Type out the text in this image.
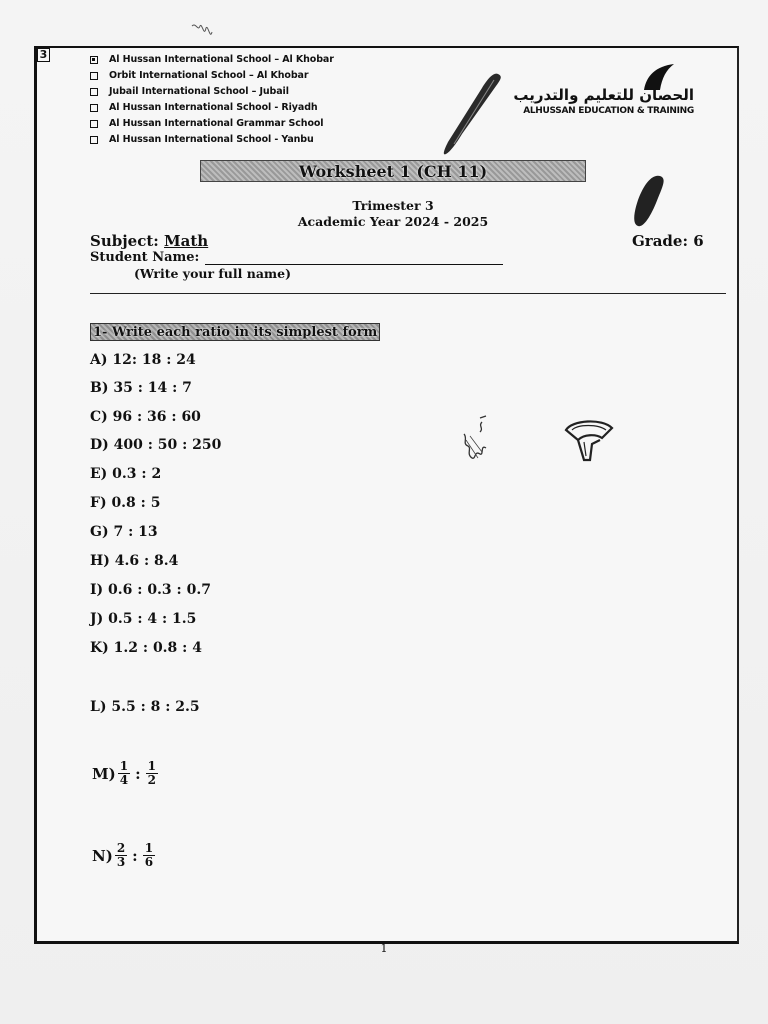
3	Al Hussan International School – Al Khobar
Orbit International School – Al Khobar
Jubail International School – Jubail
Al Hussan International School - Riyadh
Al Hussan International Grammar School
Al Hussan International School - Yanbu
الحصان للتعليم والتدريب
ALHUSSAN EDUCATION & TRAINING
Worksheet 1 (CH 11)
Trimester 3
Academic Year 2024 - 2025
Subject: Math	Grade: 6
Student Name:
(Write your full name)
1- Write each ratio in its simplest form
A) 12: 18 : 24
B) 35 : 14 : 7
C) 96 : 36 : 60
D) 400 : 50 : 250
E) 0.3 : 2
F) 0.8 : 5
G) 7 : 13
H) 4.6 : 8.4
I) 0.6 : 0.3 : 0.7
J) 0.5 : 4 : 1.5
K) 1.2 : 0.8 : 4
L) 5.5 : 8 : 2.5
$M) \frac{1}{4}$ : $\frac{1}{2}$
$N) \frac{2}{3}$ : $\frac{1}{6}$
1
